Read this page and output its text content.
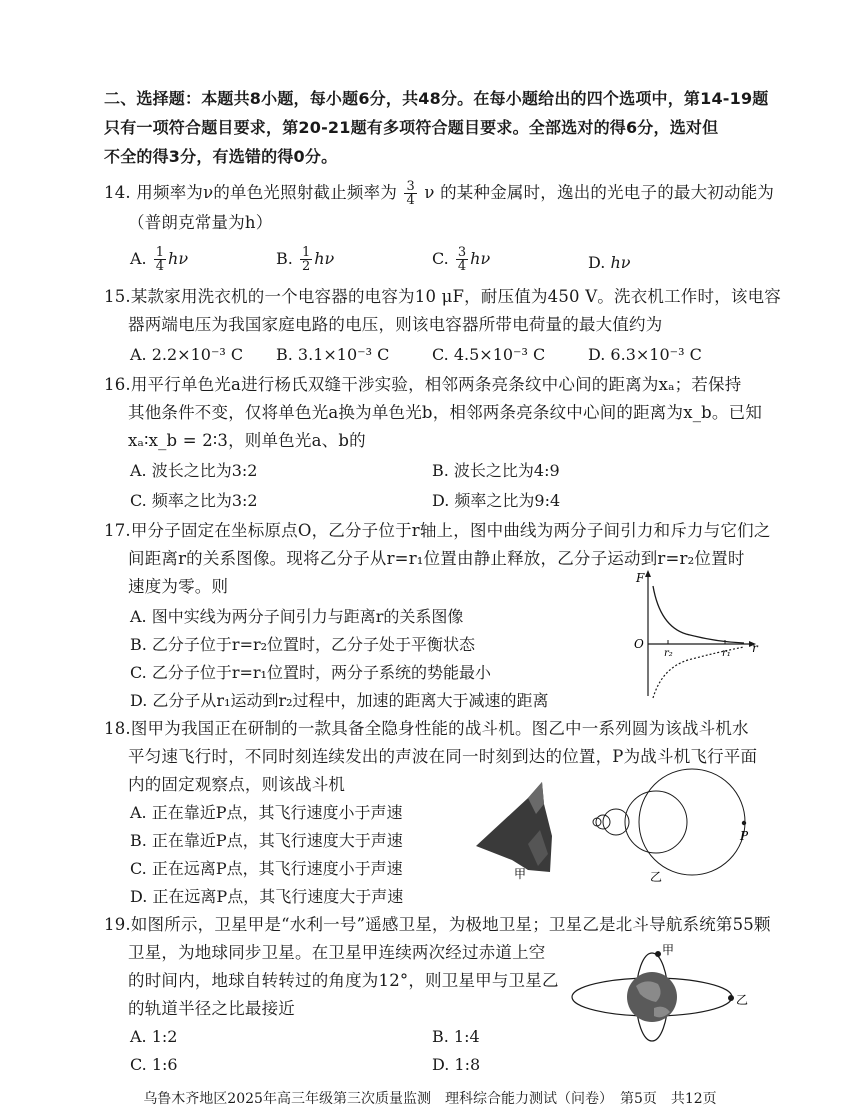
二、选择题：本题共8小题，每小题6分，共48分。在每小题给出的四个选项中，第14-19题
只有一项符合题目要求，第20-21题有多项符合题目要求。全部选对的得6分，选对但
不全的得3分，有选错的得0分。
14. 用频率为ν的单色光照射截止频率为 $\frac{3}{4}$ ν 的某种金属时，逸出的光电子的最大初动能为
（普朗克常量为h）
A. $\frac{1}{4}$ hν	B. $\frac{1}{2}$ hν	C. $\frac{3}{4}$ hν	D. hν
15.某款家用洗衣机的一个电容器的电容为10 μF，耐压值为450 V。洗衣机工作时，该电容
器两端电压为我国家庭电路的电压，则该电容器所带电荷量的最大值约为
A. 2.2×10⁻³ C B. 3.1×10⁻³ C	C. 4.5×10⁻³ C	D. 6.3×10⁻³ C
16.用平行单色光a进行杨氏双缝干涉实验，相邻两条亮条纹中心间的距离为xₐ；若保持
其他条件不变，仅将单色光a换为单色光b，相邻两条亮条纹中心间的距离为x_b。已知
xₐ∶x_b = 2∶3，则单色光a、b的
A. 波长之比为3:2	B. 波长之比为4:9
C. 频率之比为3:2	D. 频率之比为9:4
17.甲分子固定在坐标原点O，乙分子位于r轴上，图中曲线为两分子间引力和斥力与它们之
间距离r的关系图像。现将乙分子从r=r₁位置由静止释放，乙分子运动到r=r₂位置时
速度为零。则
A. 图中实线为两分子间引力与距离r的关系图像
B. 乙分子位于r=r₂位置时，乙分子处于平衡状态
C. 乙分子位于r=r₁位置时，两分子系统的势能最小
D. 乙分子从r₁运动到r₂过程中，加速的距离大于减速的距离
F
r
O
r₂	r₁
18.图甲为我国正在研制的一款具备全隐身性能的战斗机。图乙中一系列圆为该战斗机水
平匀速飞行时，不同时刻连续发出的声波在同一时刻到达的位置，P为战斗机飞行平面
内的固定观察点，则该战斗机
A. 正在靠近P点，其飞行速度小于声速
B. 正在靠近P点，其飞行速度大于声速
C. 正在远离P点，其飞行速度小于声速
D. 正在远离P点，其飞行速度大于声速
甲
P
乙
19.如图所示，卫星甲是“水利一号”遥感卫星，为极地卫星；卫星乙是北斗导航系统第55颗
卫星，为地球同步卫星。在卫星甲连续两次经过赤道上空
的时间内，地球自转转过的角度为12°，则卫星甲与卫星乙
的轨道半径之比最接近
A. 1:2	B. 1:4
C. 1:6	D. 1:8
甲
乙
乌鲁木齐地区2025年高三年级第三次质量监测　理科综合能力测试（问卷）　第5页　共12页
